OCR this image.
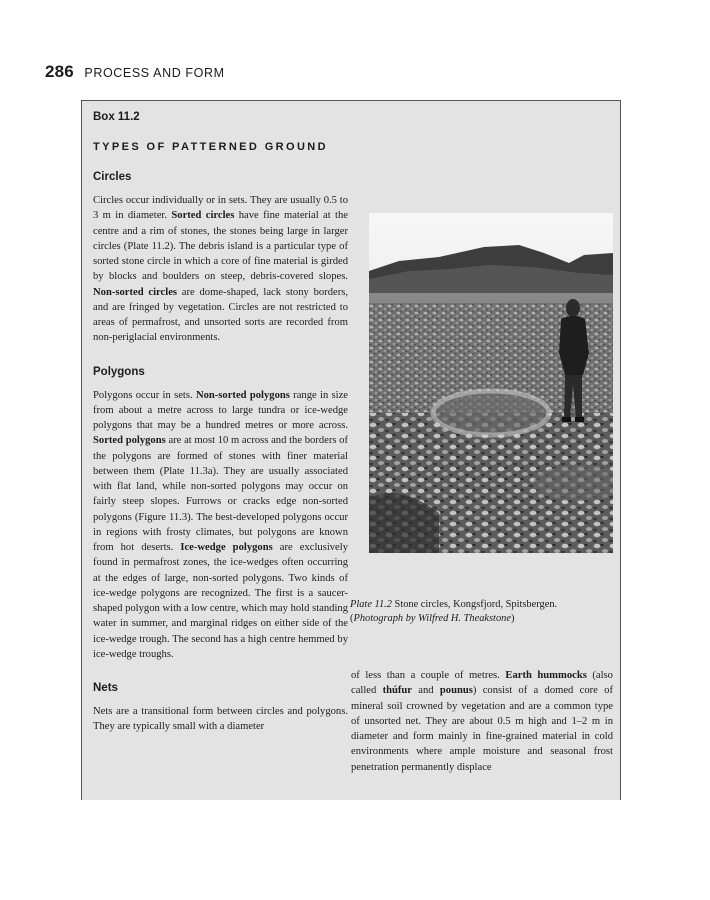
286 PROCESS AND FORM
Box 11.2
TYPES OF PATTERNED GROUND
Circles

Circles occur individually or in sets. They are usually 0.5 to 3 m in diameter. Sorted circles have fine material at the centre and a rim of stones, the stones being large in larger circles (Plate 11.2). The debris island is a particular type of sorted stone circle in which a core of fine material is girded by blocks and boulders on steep, debris-covered slopes. Non-sorted circles are dome-shaped, lack stony borders, and are fringed by vegetation. Circles are not restricted to areas of permafrost, and unsorted sorts are recorded from non-periglacial environments.

Polygons

Polygons occur in sets. Non-sorted polygons range in size from about a metre across to large tundra or ice-wedge polygons that may be a hundred metres or more across. Sorted polygons are at most 10 m across and the borders of the polygons are formed of stones with finer material between them (Plate 11.3a). They are usually associated with flat land, while non-sorted polygons may occur on fairly steep slopes. Furrows or cracks edge non-sorted polygons (Figure 11.3). The best-developed polygons occur in regions with frosty climates, but polygons are known from hot deserts. Ice-wedge polygons are exclusively found in permafrost zones, the ice-wedges often occurring at the edges of large, non-sorted polygons. Two kinds of ice-wedge polygons are recognized. The first is a saucer-shaped polygon with a low centre, which may hold standing water in summer, and marginal ridges on either side of the ice-wedge trough. The second has a high centre hemmed by ice-wedge troughs.

Nets

Nets are a transitional form between circles and polygons. They are typically small with a diameter

Plate 11.2 Stone circles, Kongsfjord, Spitsbergen.
(Photograph by Wilfred H. Theakstone)

of less than a couple of metres. Earth hummocks (also called thúfur and pounus) consist of a domed core of mineral soil crowned by vegetation and are a common type of unsorted net. They are about 0.5 m high and 1–2 m in diameter and form mainly in fine-grained material in cold environments where ample moisture and seasonal frost penetration permanently displace
